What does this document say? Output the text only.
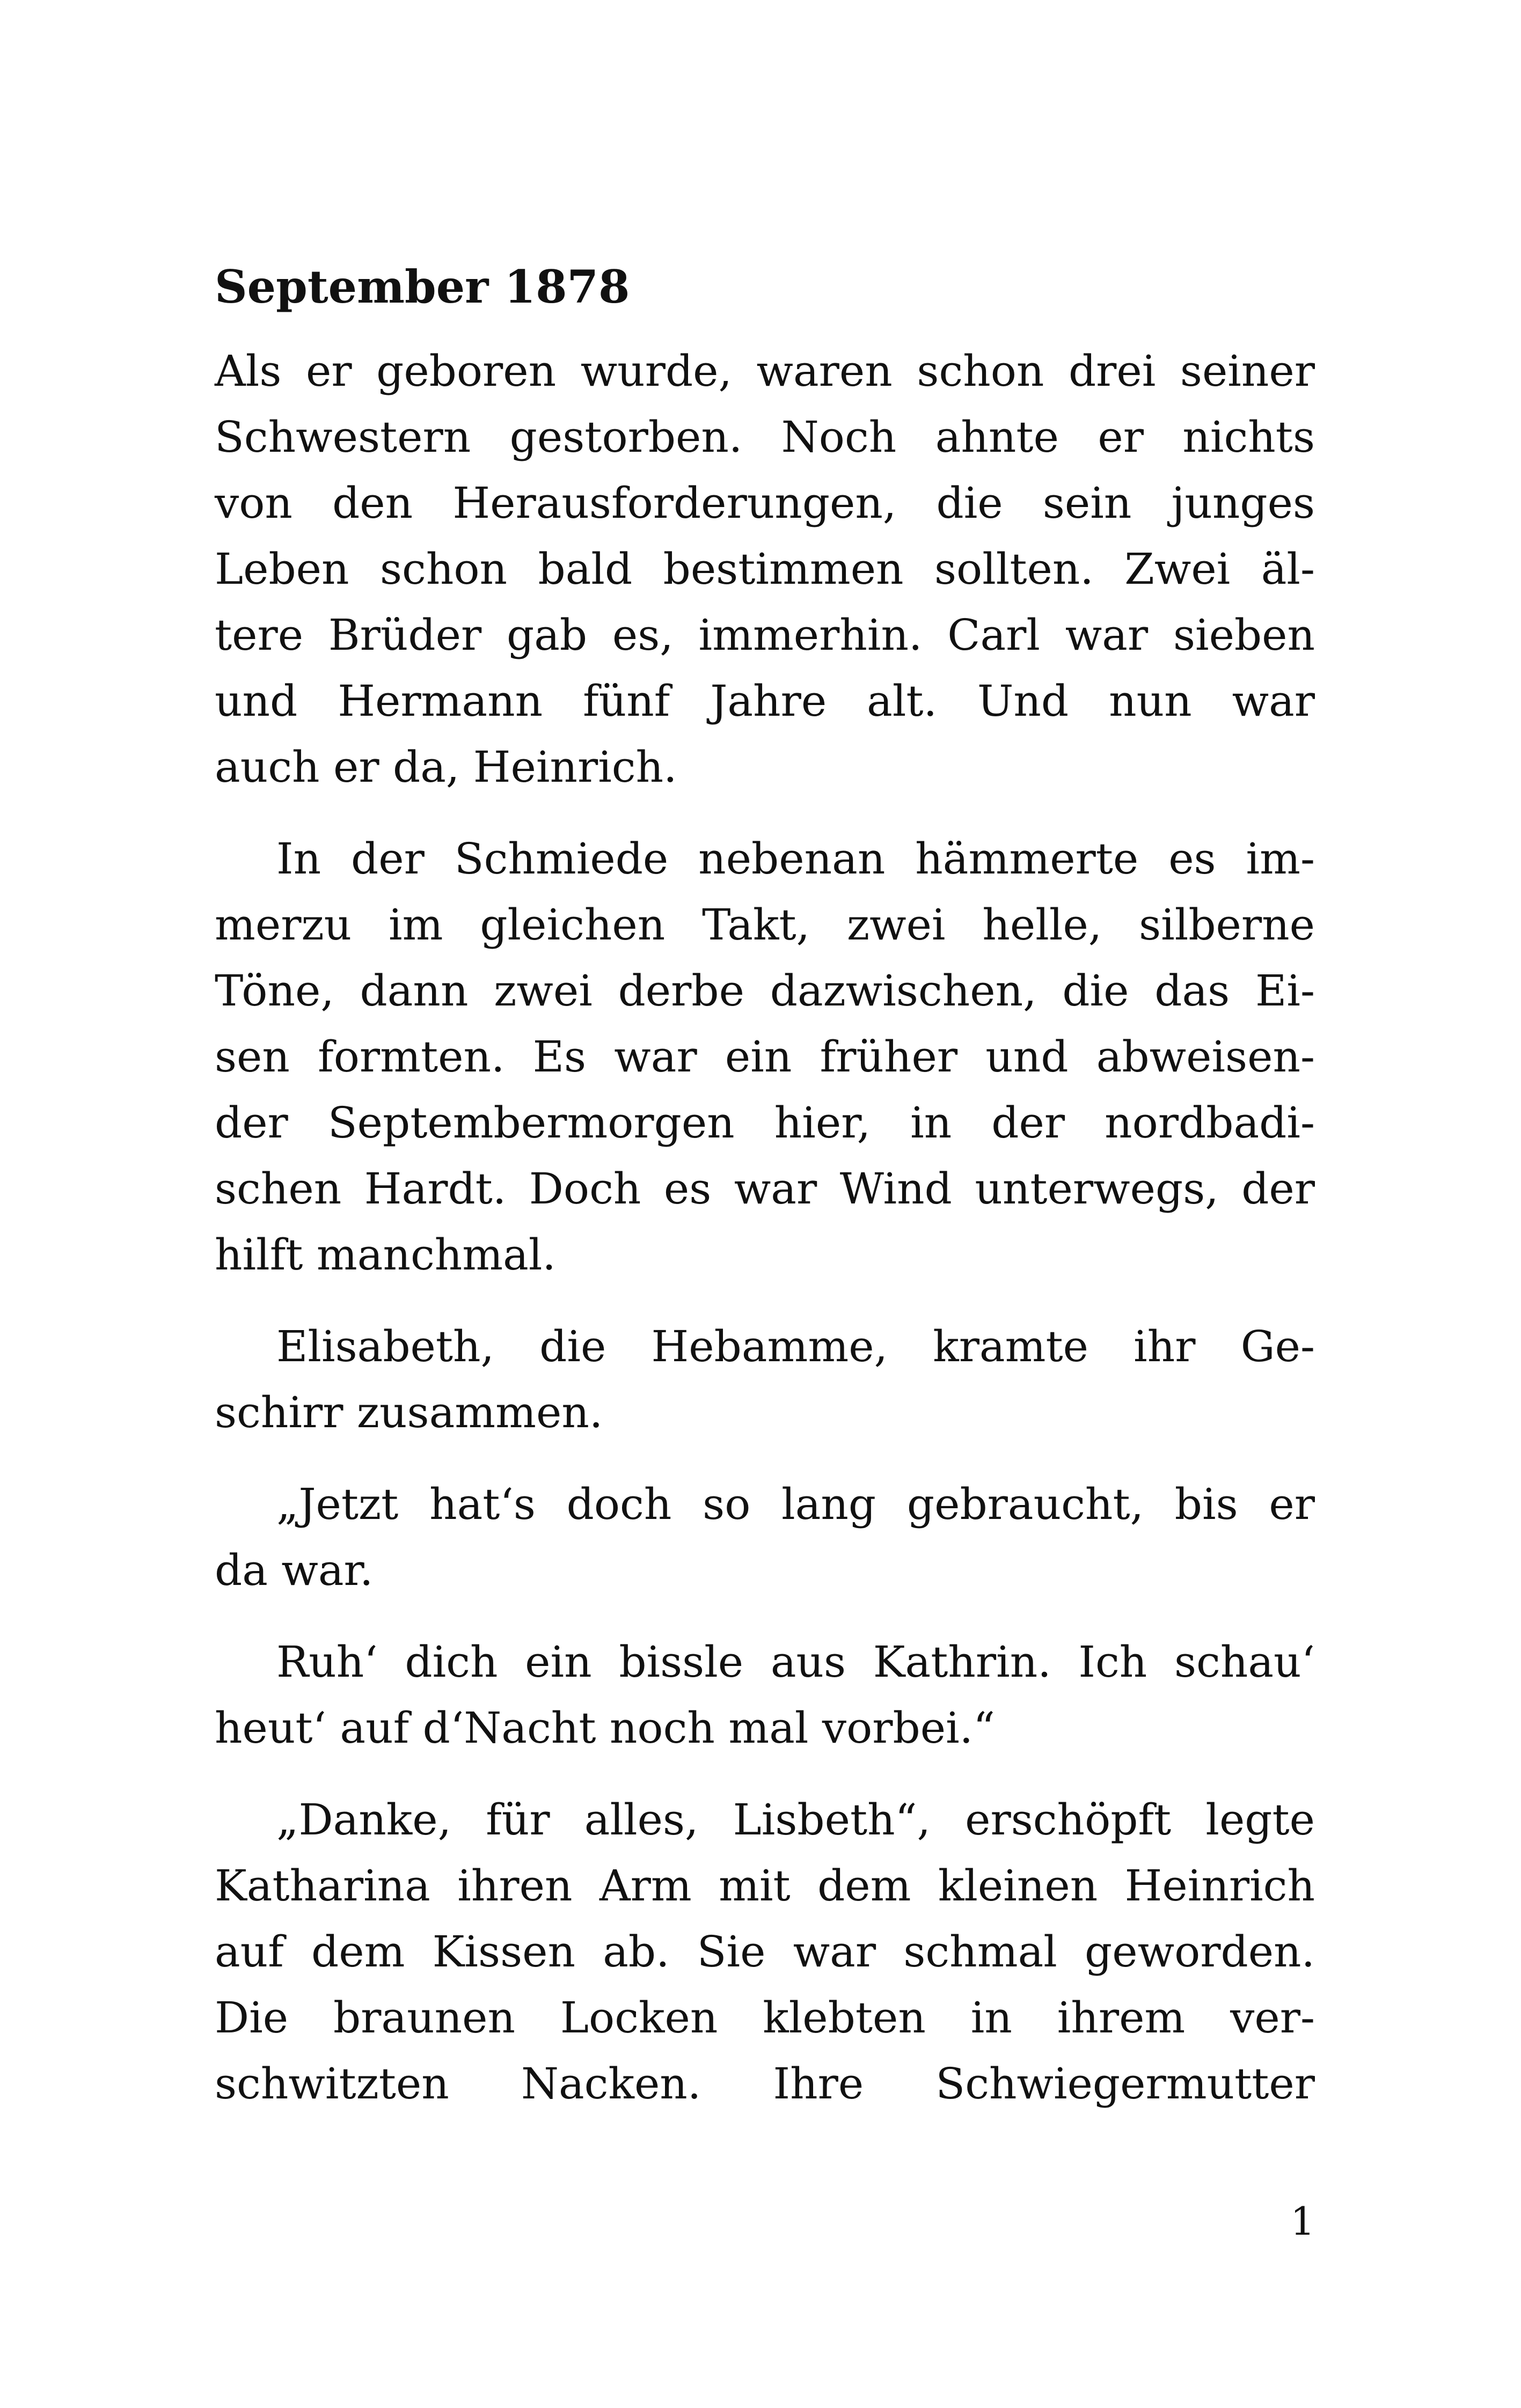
September 1878
Als er geboren wurde, waren schon drei seiner
Schwestern gestorben. Noch ahnte er nichts
von den Herausforderungen, die sein junges
Leben schon bald bestimmen sollten. Zwei äl-
tere Brüder gab es, immerhin. Carl war sieben
und Hermann fünf Jahre alt. Und nun war
auch er da, Heinrich.
In der Schmiede nebenan hämmerte es im-
merzu im gleichen Takt, zwei helle, silberne
Töne, dann zwei derbe dazwischen, die das Ei-
sen formten. Es war ein früher und abweisen-
der Septembermorgen hier, in der nordbadi-
schen Hardt. Doch es war Wind unterwegs, der
hilft manchmal.
Elisabeth, die Hebamme, kramte ihr Ge-
schirr zusammen.
„Jetzt hat‘s doch so lang gebraucht, bis er
da war.
Ruh‘ dich ein bissle aus Kathrin. Ich schau‘
heut‘ auf d‘Nacht noch mal vorbei.“
„Danke, für alles, Lisbeth“, erschöpft legte
Katharina ihren Arm mit dem kleinen Heinrich
auf dem Kissen ab. Sie war schmal geworden.
Die braunen Locken klebten in ihrem ver-
schwitzten Nacken. Ihre Schwiegermutter
1
